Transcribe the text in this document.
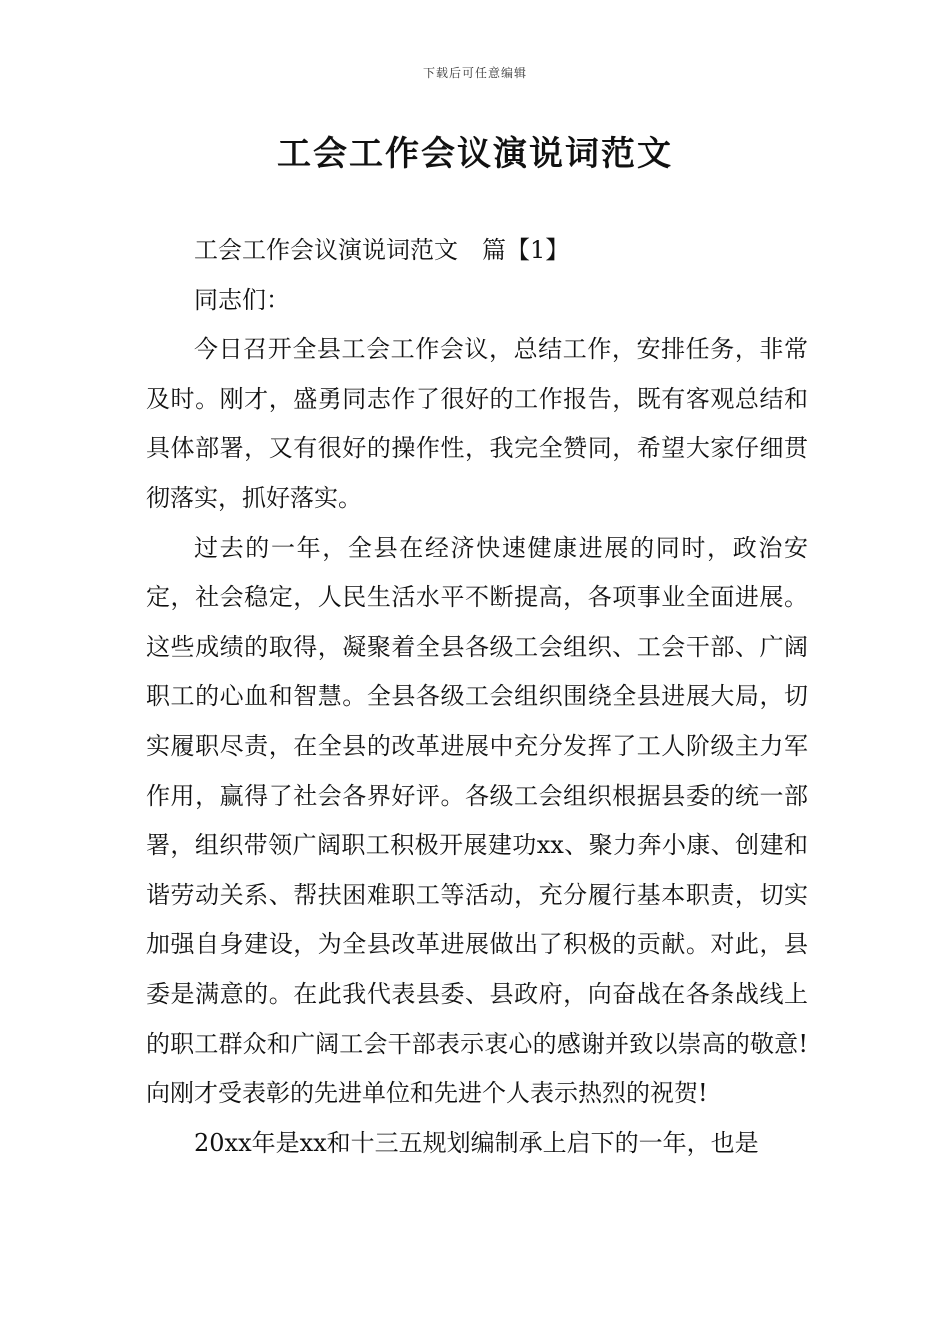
下载后可任意编辑
工会工作会议演说词范文

工会工作会议演说词范文 篇【1】

同志们：

今日召开全县工会工作会议，总结工作，安排任务，非常及时。刚才，盛勇同志作了很好的工作报告，既有客观总结和具体部署，又有很好的操作性，我完全赞同，希望大家仔细贯彻落实，抓好落实。

过去的一年，全县在经济快速健康进展的同时，政治安定，社会稳定，人民生活水平不断提高，各项事业全面进展。这些成绩的取得，凝聚着全县各级工会组织、工会干部、广阔职工的心血和智慧。全县各级工会组织围绕全县进展大局，切实履职尽责，在全县的改革进展中充分发挥了工人阶级主力军作用，赢得了社会各界好评。各级工会组织根据县委的统一部署，组织带领广阔职工积极开展建功xx、聚力奔小康、创建和谐劳动关系、帮扶困难职工等活动，充分履行基本职责，切实加强自身建设，为全县改革进展做出了积极的贡献。对此，县委是满意的。在此我代表县委、县政府，向奋战在各条战线上的职工群众和广阔工会干部表示衷心的感谢并致以崇高的敬意!向刚才受表彰的先进单位和先进个人表示热烈的祝贺!

20xx年是xx和十三五规划编制承上启下的一年，也是
